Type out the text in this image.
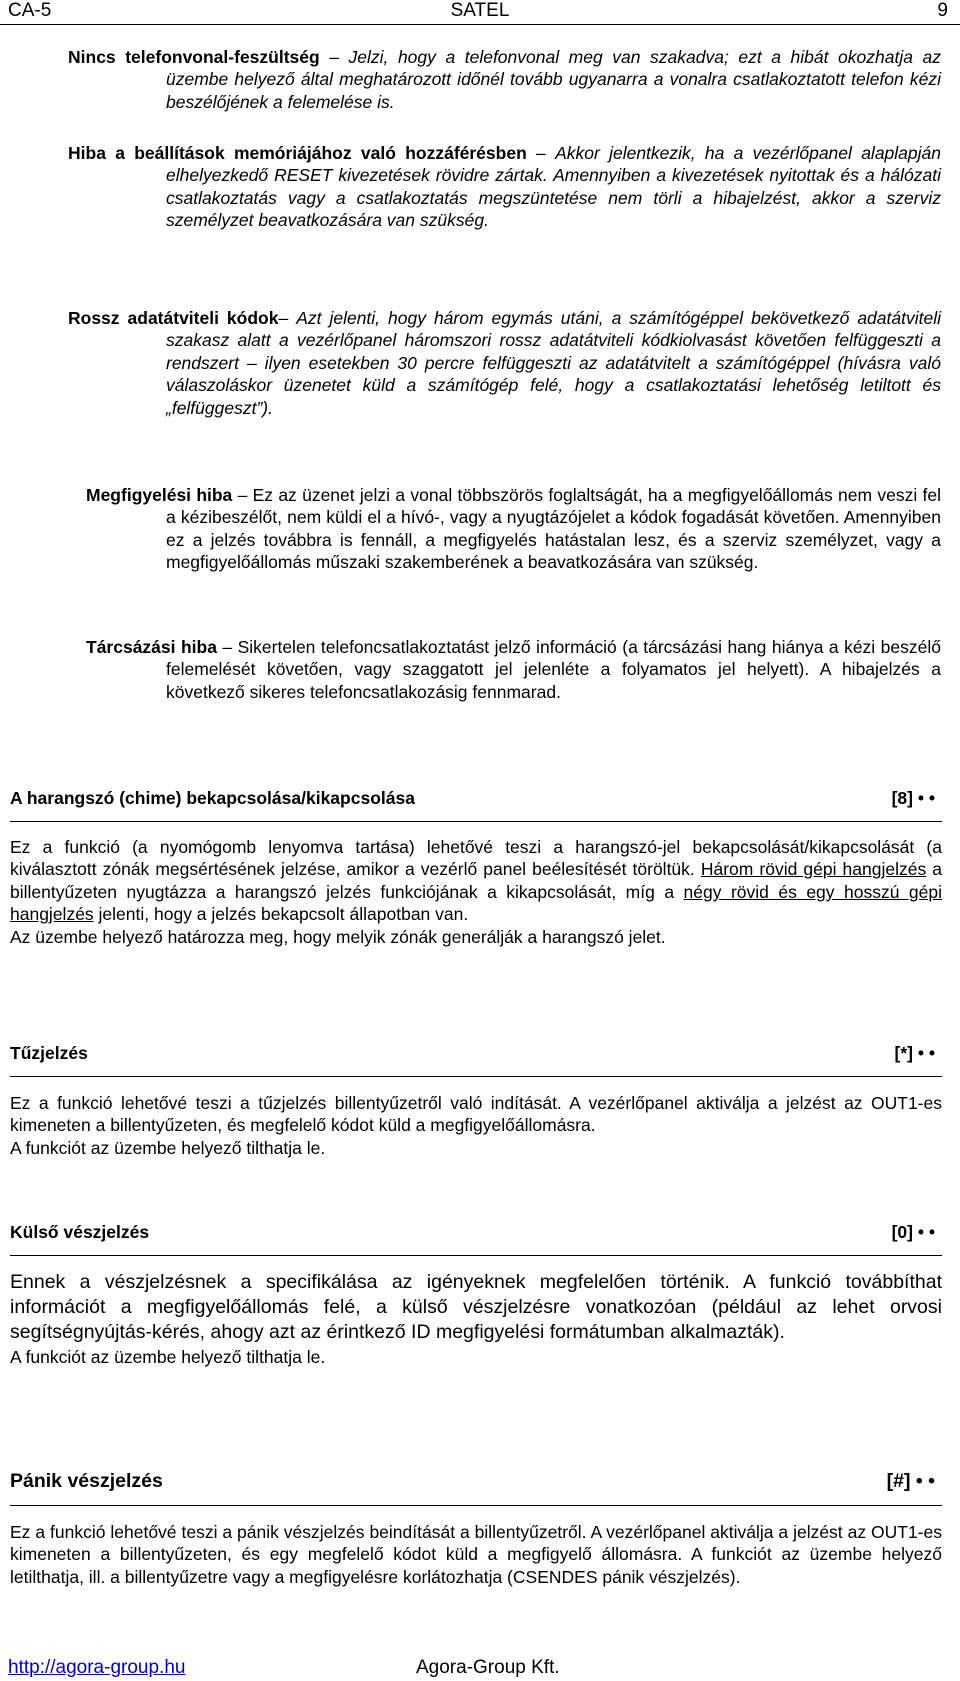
CA-5	SATEL	9
Nincs telefonvonal-feszültség – Jelzi, hogy a telefonvonal meg van szakadva; ezt a hibát okozhatja az üzembe helyező által meghatározott időnél tovább ugyanarra a vonalra csatlakoztatott telefon kézi beszélőjének a felemelése is.
Hiba a beállítások memóriájához való hozzáférésben – Akkor jelentkezik, ha a vezérlőpanel alaplapján elhelyezkedő RESET kivezetések rövidre zártak. Amennyiben a kivezetések nyitottak és a hálózati csatlakoztatás vagy a csatlakoztatás megszüntetése nem törli a hibajelzést, akkor a szerviz személyzet beavatkozására van szükség.
Rossz adatátviteli kódok– Azt jelenti, hogy három egymás utáni, a számítógéppel bekövetkező adatátviteli szakasz alatt a vezérlőpanel háromszori rossz adatátviteli kódkiolvasást követően felfüggeszti a rendszert – ilyen esetekben 30 percre felfüggeszti az adatátvitelt a számítógéppel (hívásra való válaszoláskor üzenetet küld a számítógép felé, hogy a csatlakoztatási lehetőség letiltott és „felfüggeszt”).
Megfigyelési hiba – Ez az üzenet jelzi a vonal többszörös foglaltságát, ha a megfigyelőállomás nem veszi fel a kézibeszélőt, nem küldi el a hívó-, vagy a nyugtázójelet a kódok fogadását követően. Amennyiben ez a jelzés továbbra is fennáll, a megfigyelés hatástalan lesz, és a szerviz személyzet, vagy a megfigyelőállomás műszaki szakemberének a beavatkozására van szükség.
Tárcsázási hiba – Sikertelen telefoncsatlakoztatást jelző információ (a tárcsázási hang hiánya a kézi beszélő felemelését követően, vagy szaggatott jel jelenléte a folyamatos jel helyett). A hibajelzés a következő sikeres telefoncsatlakozásig fennmarad.
A harangszó (chime) bekapcsolása/kikapcsolása	[8] • •
Ez a funkció (a nyomógomb lenyomva tartása) lehetővé teszi a harangszó-jel bekapcsolását/kikapcsolását (a kiválasztott zónák megsértésének jelzése, amikor a vezérlő panel beélesítését töröltük. Három rövid gépi hangjelzés a billentyűzeten nyugtázza a harangszó jelzés funkciójának a kikapcsolását, míg a négy rövid és egy hosszú gépi hangjelzés jelenti, hogy a jelzés bekapcsolt állapotban van.
Az üzembe helyező határozza meg, hogy melyik zónák generálják a harangszó jelet.
Tűzjelzés	[*] • •
Ez a funkció lehetővé teszi a tűzjelzés billentyűzetről való indítását. A vezérlőpanel aktiválja a jelzést az OUT1-es kimeneten a billentyűzeten, és megfelelő kódot küld a megfigyelőállomásra.
A funkciót az üzembe helyező tilthatja le.
Külső vészjelzés	[0] • •
Ennek a vészjelzésnek a specifikálása az igényeknek megfelelően történik. A funkció továbbíthat információt a megfigyelőállomás felé, a külső vészjelzésre vonatkozóan (például az lehet orvosi segítségnyújtás-kérés, ahogy azt az érintkező ID megfigyelési formátumban alkalmazták).
A funkciót az üzembe helyező tilthatja le.
Pánik vészjelzés	[#] • •
Ez a funkció lehetővé teszi a pánik vészjelzés beindítását a billentyűzetről. A vezérlőpanel aktiválja a jelzést az OUT1-es kimeneten a billentyűzeten, és egy megfelelő kódot küld a megfigyelő állomásra. A funkciót az üzembe helyező letilthatja, ill. a billentyűzetre vagy a megfigyelésre korlátozhatja (CSENDES pánik vészjelzés).
http://agora-group.hu	Agora-Group Kft.
